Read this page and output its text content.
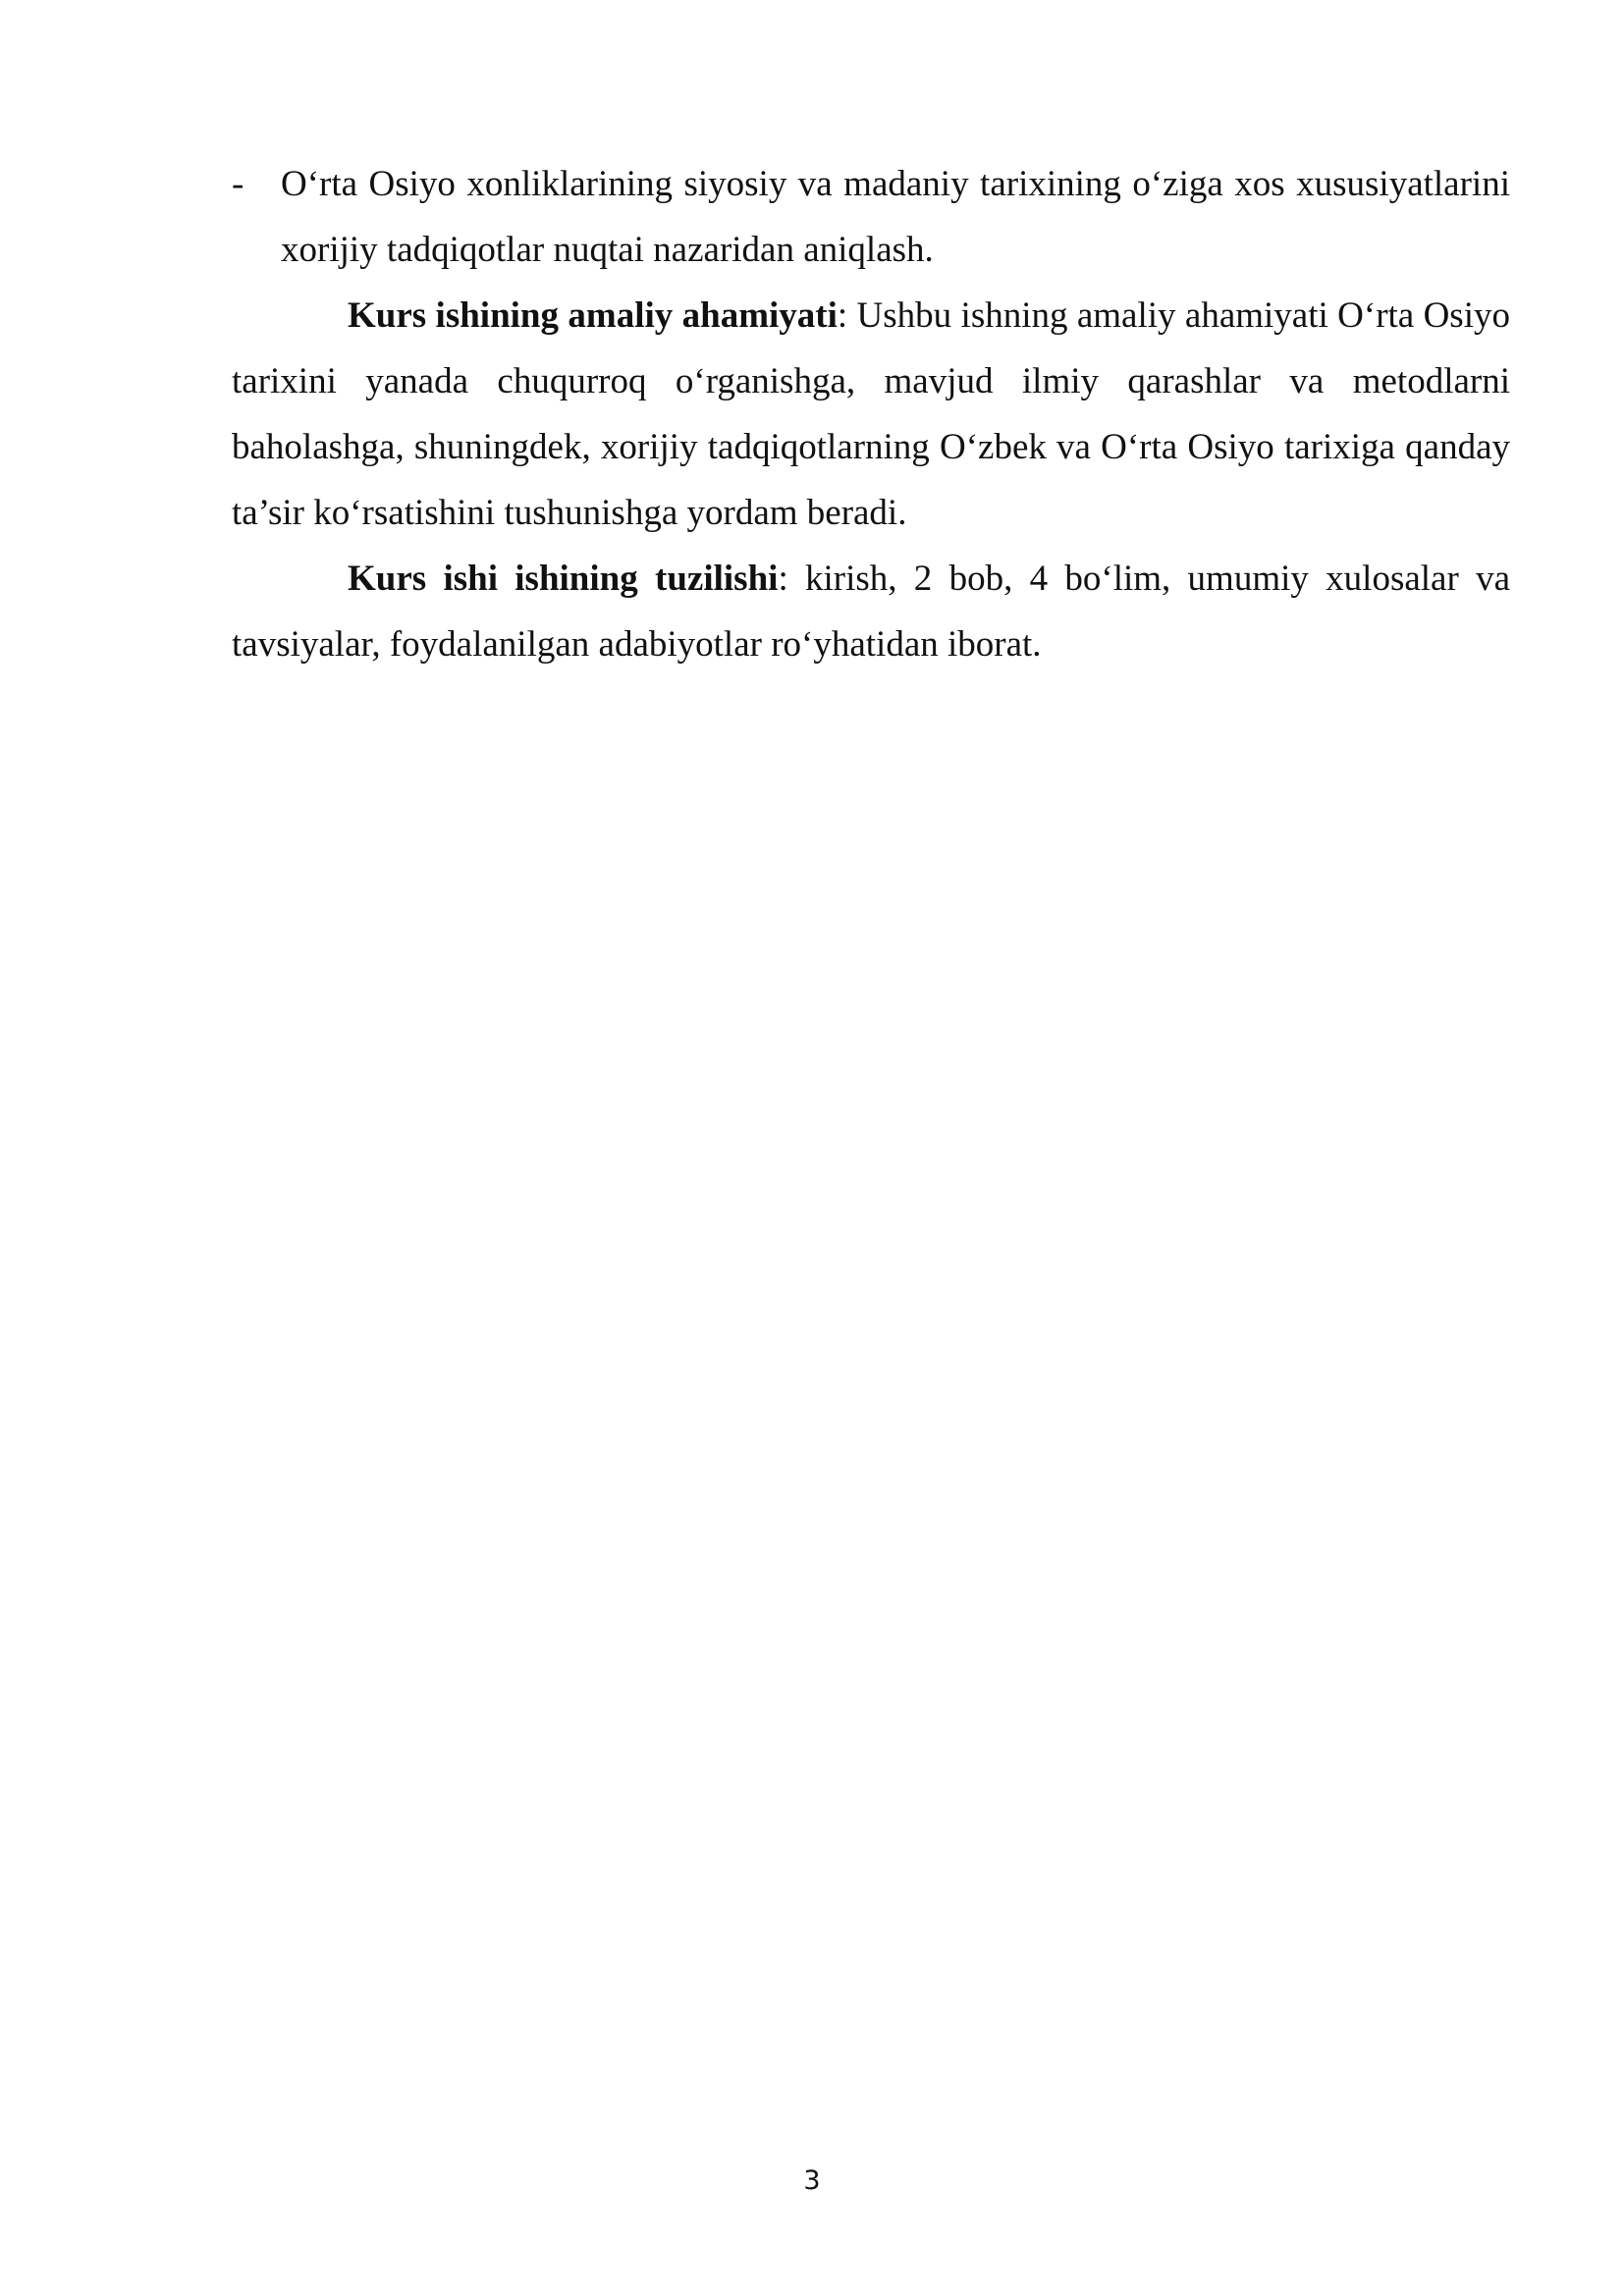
- O‘rta Osiyo xonliklarining siyosiy va madaniy tarixining o‘ziga xos xususiyatlarini xorijiy tadqiqotlar nuqtai nazaridan aniqlash.

Kurs ishining amaliy ahamiyati: Ushbu ishning amaliy ahamiyati O‘rta Osiyo tarixini yanada chuqurroq o‘rganishga, mavjud ilmiy qarashlar va metodlarni baholashga, shuningdek, xorijiy tadqiqotlarning O‘zbek va O‘rta Osiyo tarixiga qanday ta’sir ko‘rsatishini tushunishga yordam beradi.

Kurs ishi ishining tuzilishi: kirish, 2 bob, 4 bo‘lim, umumiy xulosalar va tavsiyalar, foydalanilgan adabiyotlar ro‘yhatidan iborat.

3
